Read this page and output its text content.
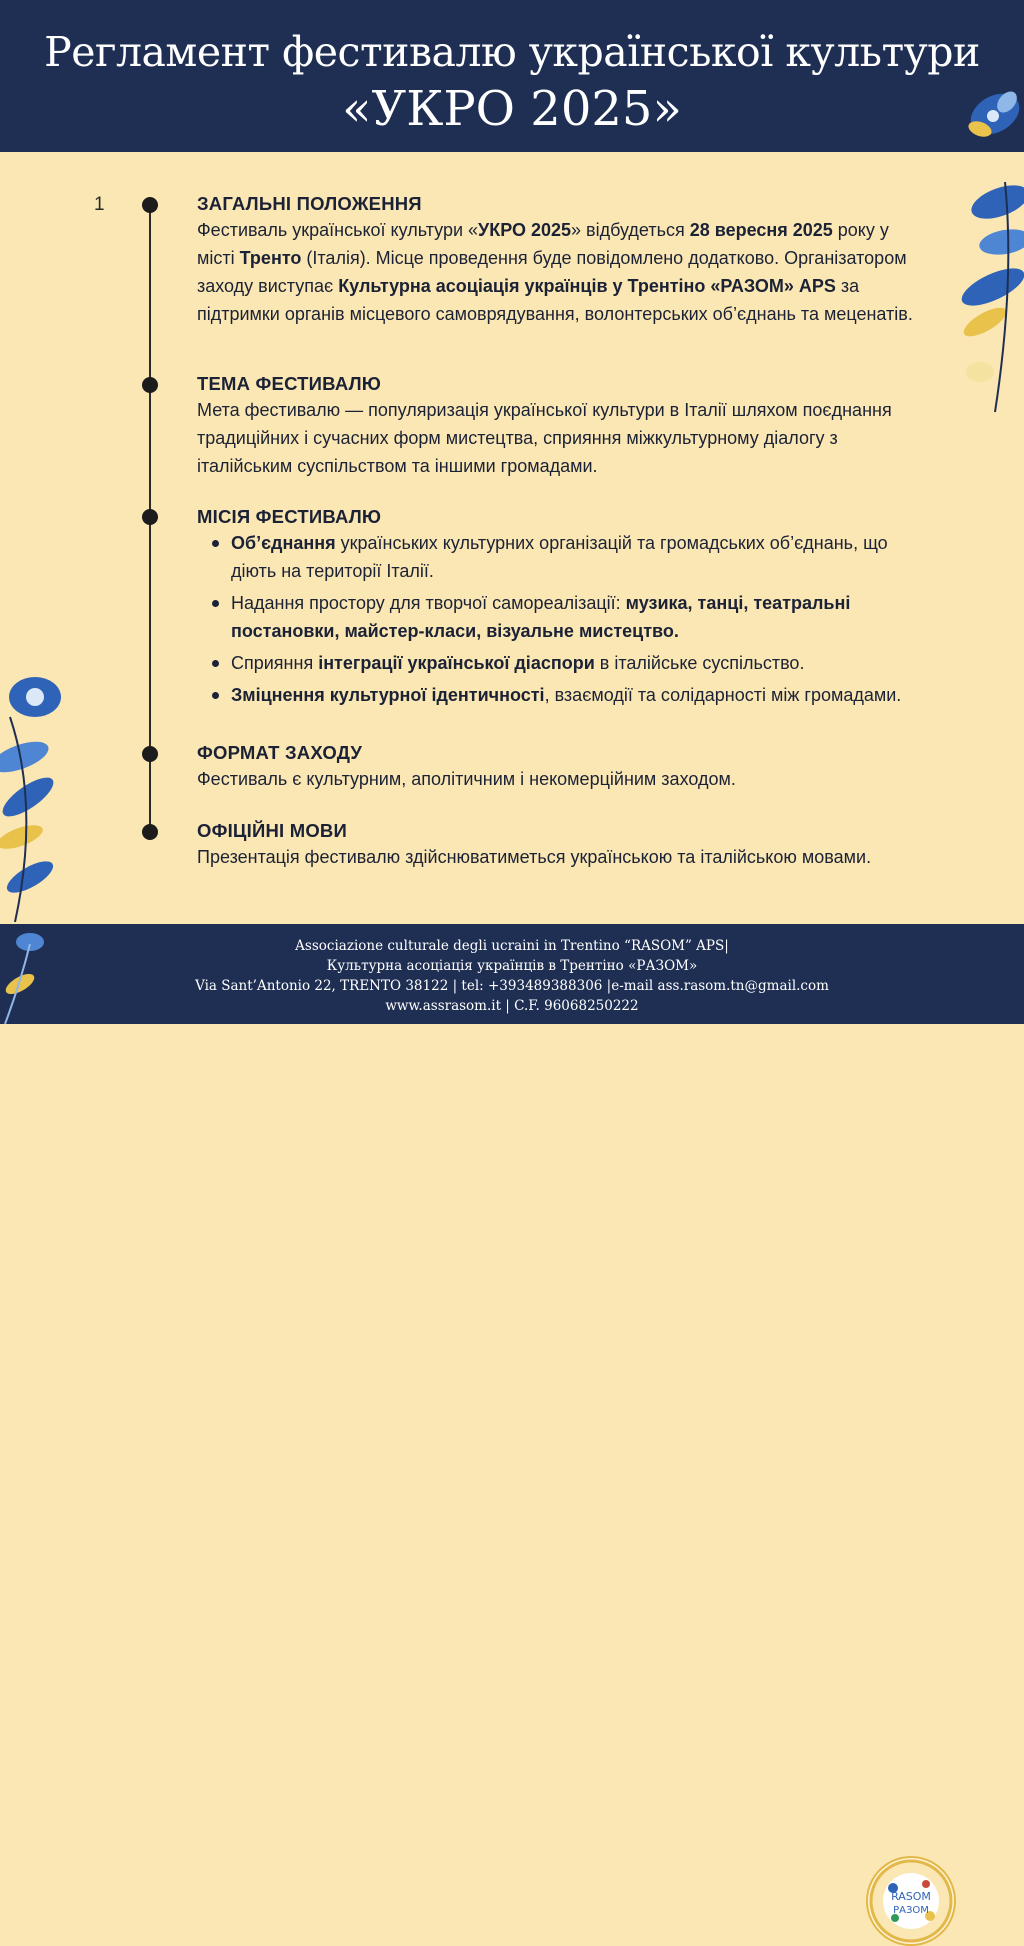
Регламент фестивалю української культури
«УКРО 2025»
1	ЗАГАЛЬНІ ПОЛОЖЕННЯ

Фестиваль української культури «УКРО 2025» відбудеться 28 вересня 2025 року у місті Тренто (Італія). Місце проведення буде повідомлено додатково. Організатором заходу виступає Культурна асоціація українців у Трентіно «РАЗОМ» APS за підтримки органів місцевого самоврядування, волонтерських об’єднань та меценатів.

ТЕМА ФЕСТИВАЛЮ

Мета фестивалю — популяризація української культури в Італії шляхом поєднання традиційних і сучасних форм мистецтва, сприяння міжкультурному діалогу з італійським суспільством та іншими громадами.

МІСІЯ ФЕСТИВАЛЮ
Об’єднання українських культурних організацій та громадських об’єднань, що діють на території Італії.
Надання простору для творчої самореалізації: музика, танці, театральні постановки, майстер-класи, візуальне мистецтво.
Сприяння інтеграції української діаспори в італійське суспільство.
Зміцнення культурної ідентичності, взаємодії та солідарності між громадами.
ФОРМАТ ЗАХОДУ

Фестиваль є культурним, аполітичним і некомерційним заходом.

ОФІЦІЙНІ МОВИ

Презентація фестивалю здійснюватиметься українською та італійською мовами.

Associazione culturale degli ucraini in Trentino “RASOM” APS|
Культурна асоціація українців в Трентіно «РАЗОМ»
Via Sant’Antonio 22, TRENTO 38122 | tel: +393489388306 |e-mail ass.rasom.tn@gmail.com
www.assrasom.it | C.F. 96068250222
RASOM
РАЗОМ
